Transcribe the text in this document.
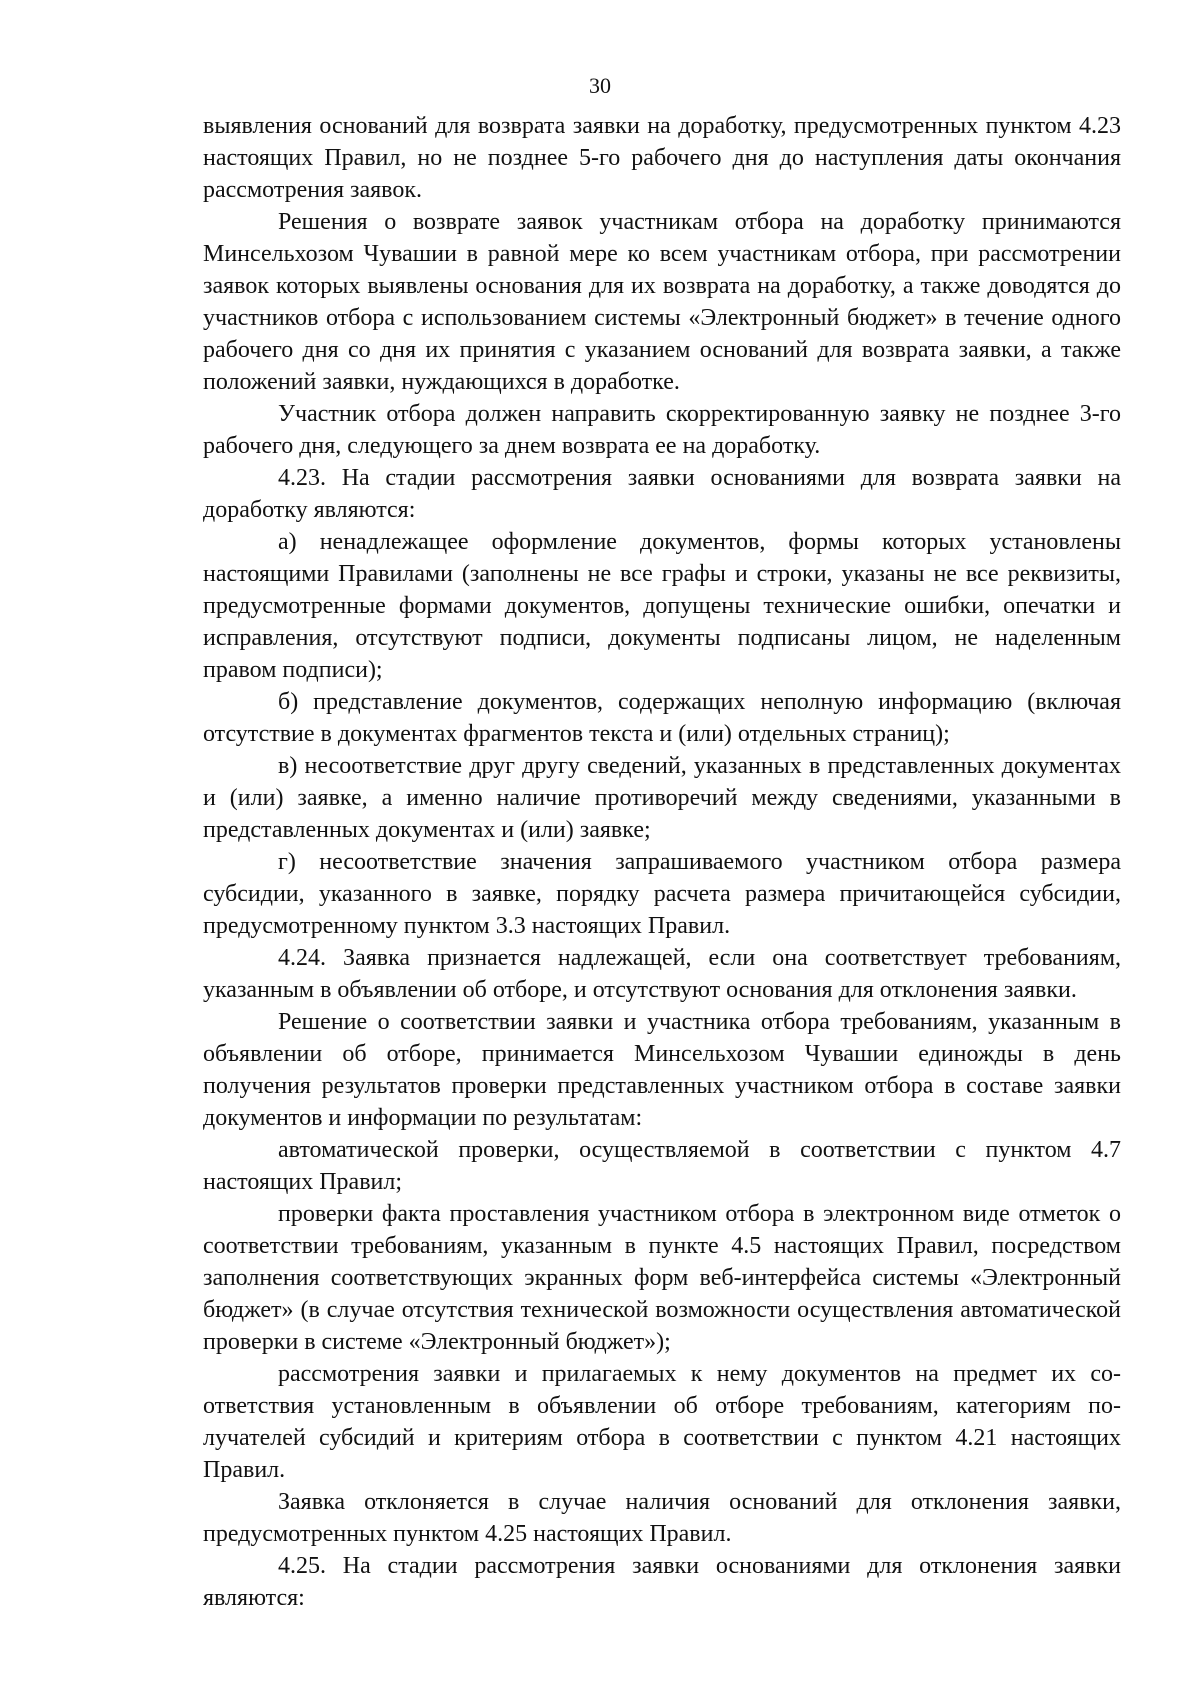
30

выявления оснований для возврата заявки на доработку, предусмотренных пунктом 4.23 настоящих Правил, но не позднее 5-го рабочего дня до наступления даты окончания рассмотрения заявок.

Решения о возврате заявок участникам отбора на доработку принимаются Минсельхозом Чувашии в равной мере ко всем участникам отбора, при рассмотрении заявок которых выявлены основания для их возврата на доработку, а также доводятся до участников отбора с использованием системы «Электронный бюджет» в течение одного рабочего дня со дня их принятия с указанием оснований для возврата заявки, а также положений заявки, нуждающихся в доработке.

Участник отбора должен направить скорректированную заявку не позднее 3-го рабочего дня, следующего за днем возврата ее на доработку.

4.23. На стадии рассмотрения заявки основаниями для возврата заявки на доработку являются:

а) ненадлежащее оформление документов, формы которых установлены настоящими Правилами (заполнены не все графы и строки, указаны не все реквизиты, предусмотренные формами документов, допущены технические ошибки, опечатки и исправления, отсутствуют подписи, документы подписаны лицом, не наделенным правом подписи);

б) представление документов, содержащих неполную информацию (включая отсутствие в документах фрагментов текста и (или) отдельных страниц);

в) несоответствие друг другу сведений, указанных в представленных документах и (или) заявке, а именно наличие противоречий между сведениями, указанными в представленных документах и (или) заявке;

г) несоответствие значения запрашиваемого участником отбора размера субсидии, указанного в заявке, порядку расчета размера причитающейся субсидии, предусмотренному пунктом 3.3 настоящих Правил.

4.24. Заявка признается надлежащей, если она соответствует требованиям, указанным в объявлении об отборе, и отсутствуют основания для отклонения заявки.

Решение о соответствии заявки и участника отбора требованиям, указанным в объявлении об отборе, принимается Минсельхозом Чувашии единожды в день получения результатов проверки представленных участником отбора в составе заявки документов и информации по результатам:

автоматической проверки, осуществляемой в соответствии с пунктом 4.7 настоящих Правил;

проверки факта проставления участником отбора в электронном виде отметок о соответствии требованиям, указанным в пункте 4.5 настоящих Правил, посредством заполнения соответствующих экранных форм веб-интерфейса системы «Электронный бюджет» (в случае отсутствия технической возможности осуществления автоматической проверки в системе «Электронный бюджет»);

рассмотрения заявки и прилагаемых к нему документов на предмет их соответствия установленным в объявлении об отборе требованиям, категориям получателей субсидий и критериям отбора в соответствии с пунктом 4.21 настоящих Правил.

Заявка отклоняется в случае наличия оснований для отклонения заявки, предусмотренных пунктом 4.25 настоящих Правил.

4.25. На стадии рассмотрения заявки основаниями для отклонения заявки являются:
